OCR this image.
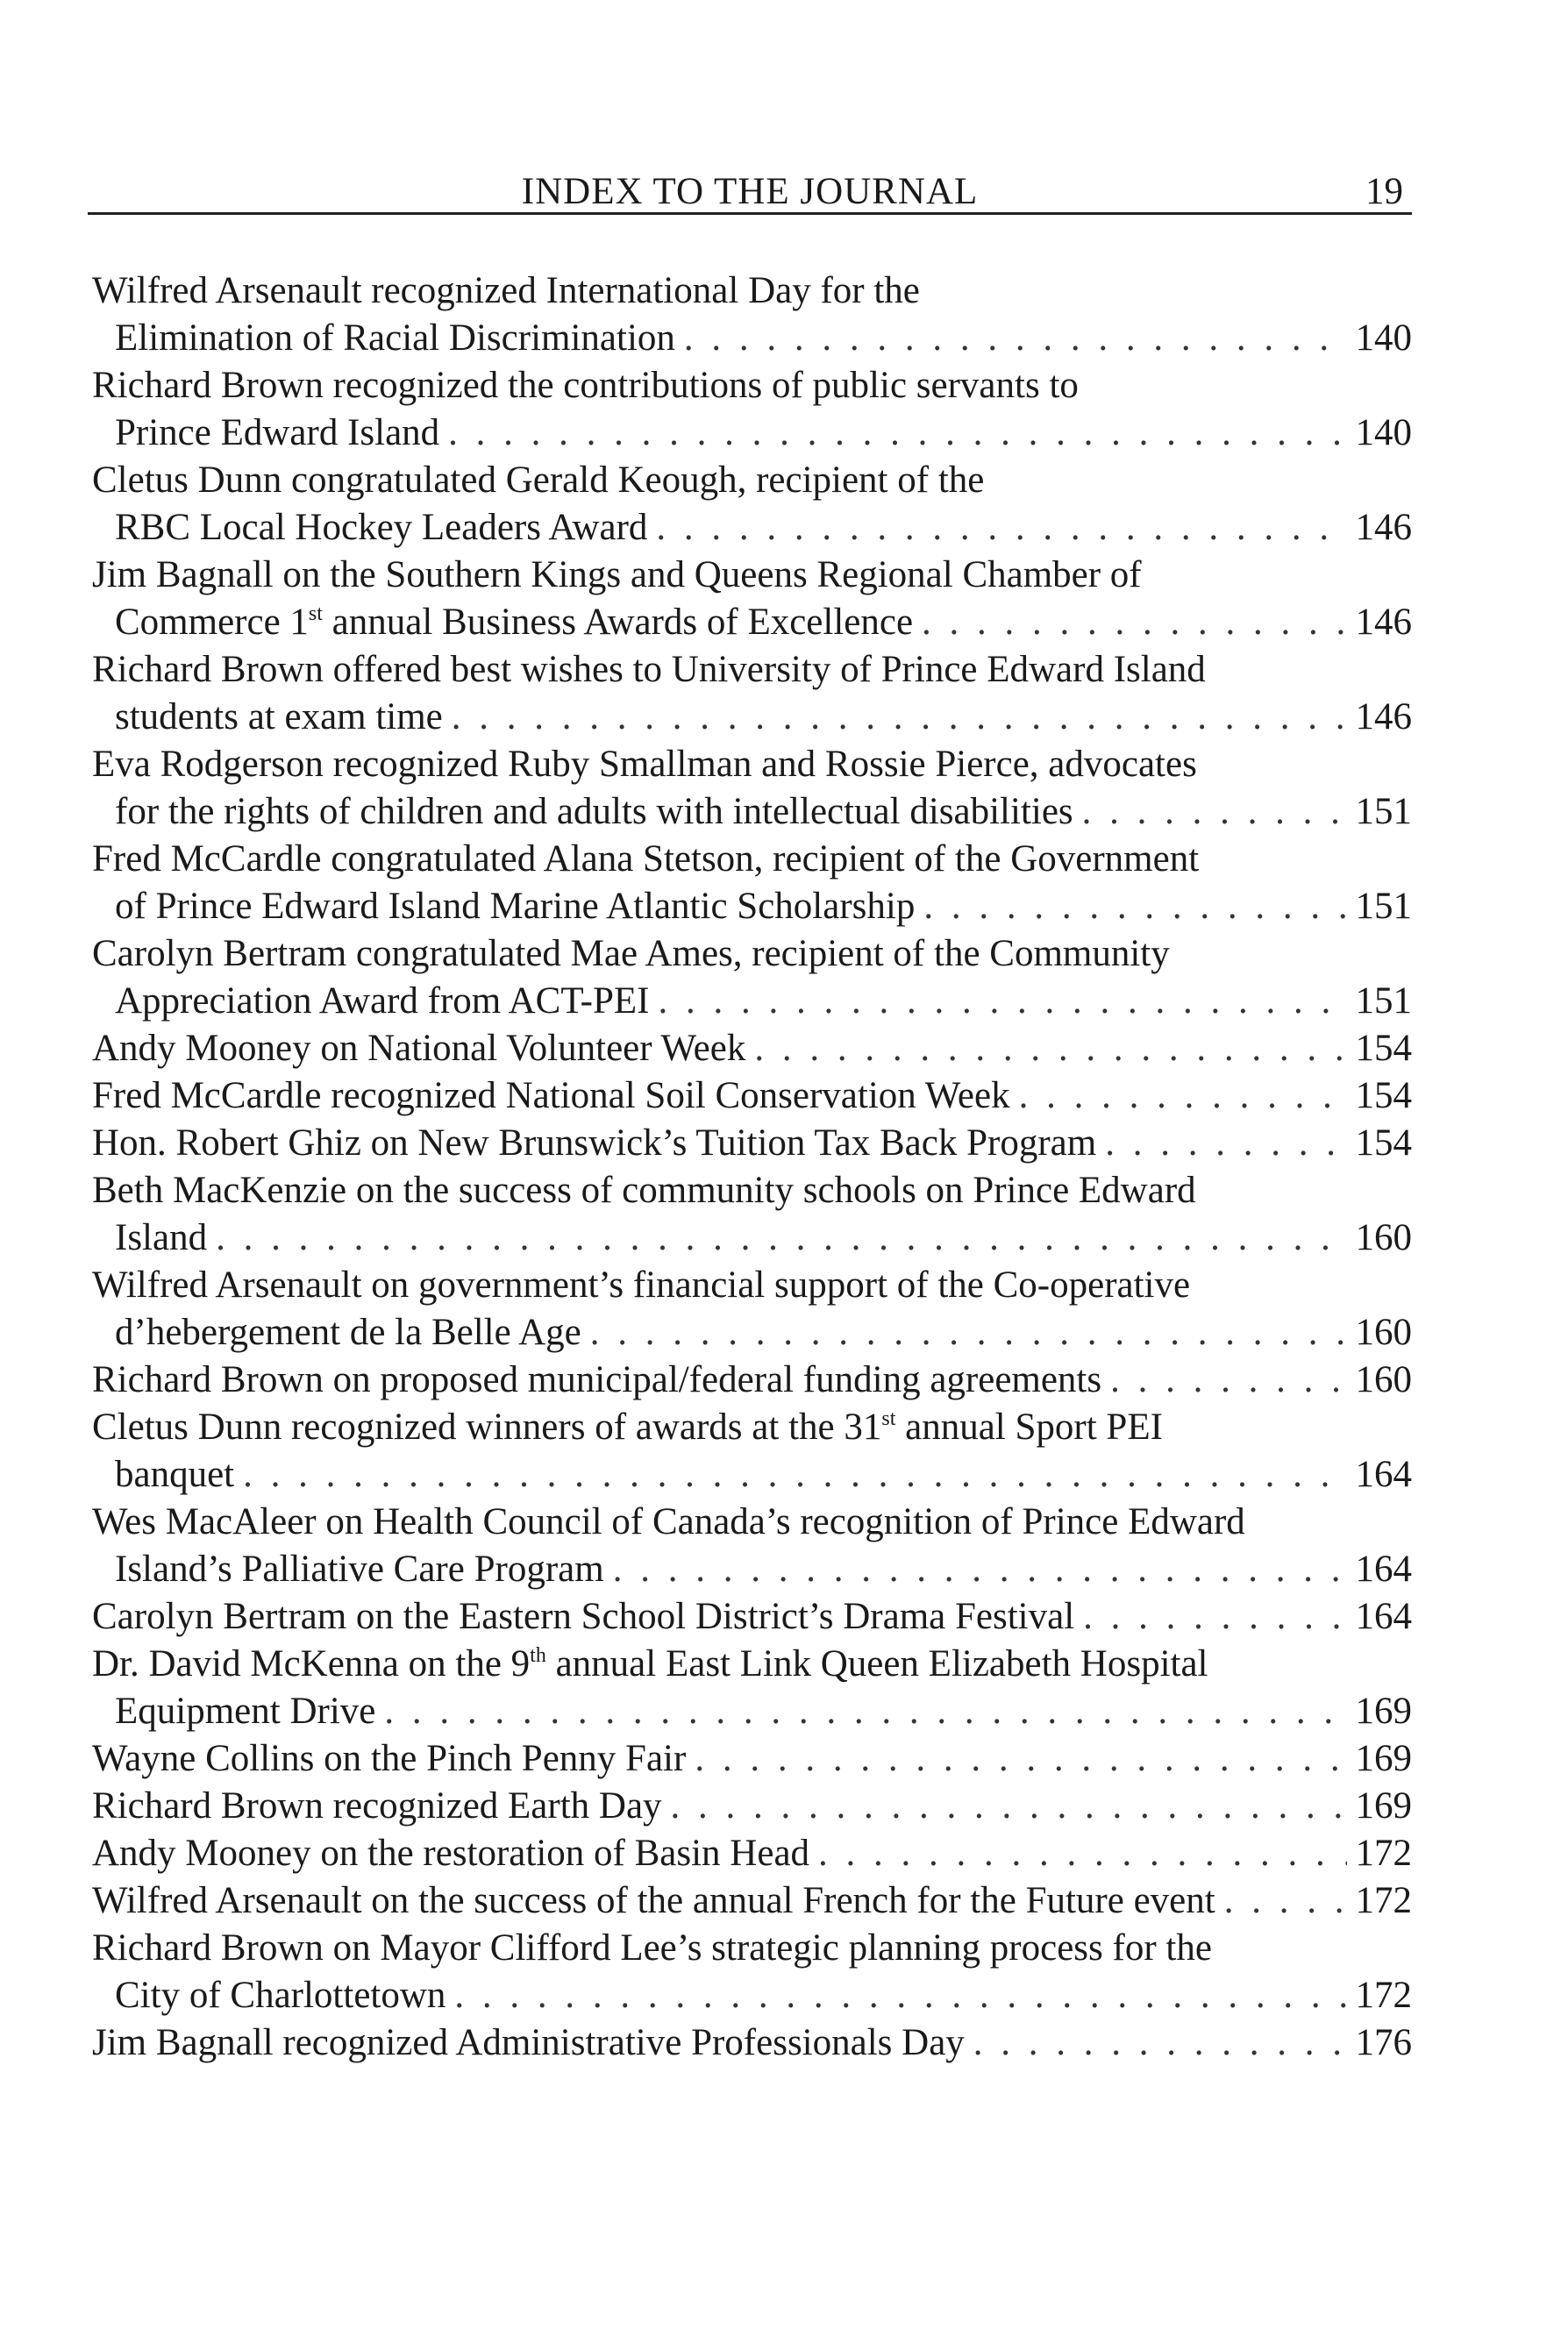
INDEX TO THE JOURNAL	19
Wilfred Arsenault recognized International Day for the
Elimination of Racial Discrimination . . .	140
Richard Brown recognized the contributions of public servants to
Prince Edward Island . . .	140
Cletus Dunn congratulated Gerald Keough, recipient of the
RBC Local Hockey Leaders Award . . .	146
Jim Bagnall on the Southern Kings and Queens Regional Chamber of
Commerce 1st annual Business Awards of Excellence . . .	146
Richard Brown offered best wishes to University of Prince Edward Island
students at exam time . . .	146
Eva Rodgerson recognized Ruby Smallman and Rossie Pierce, advocates
for the rights of children and adults with intellectual disabilities . . .	151
Fred McCardle congratulated Alana Stetson, recipient of the Government
of Prince Edward Island Marine Atlantic Scholarship . . .	151
Carolyn Bertram congratulated Mae Ames, recipient of the Community
Appreciation Award from ACT-PEI . . .	151
Andy Mooney on National Volunteer Week . . .	154
Fred McCardle recognized National Soil Conservation Week . . .	154
Hon. Robert Ghiz on New Brunswick’s Tuition Tax Back Program . . .	154
Beth MacKenzie on the success of community schools on Prince Edward
Island . . .	160
Wilfred Arsenault on government’s financial support of the Co-operative
d’hebergement de la Belle Age . . .	160
Richard Brown on proposed municipal/federal funding agreements . . .	160
Cletus Dunn recognized winners of awards at the 31st annual Sport PEI
banquet . . .	164
Wes MacAleer on Health Council of Canada’s recognition of Prince Edward
Island’s Palliative Care Program . . .	164
Carolyn Bertram on the Eastern School District’s Drama Festival . . .	164
Dr. David McKenna on the 9th annual East Link Queen Elizabeth Hospital
Equipment Drive . . .	169
Wayne Collins on the Pinch Penny Fair . . .	169
Richard Brown recognized Earth Day . . .	169
Andy Mooney on the restoration of Basin Head . . .	172
Wilfred Arsenault on the success of the annual French for the Future event . . .	172
Richard Brown on Mayor Clifford Lee’s strategic planning process for the
City of Charlottetown . . .	172
Jim Bagnall recognized Administrative Professionals Day . . .	176
